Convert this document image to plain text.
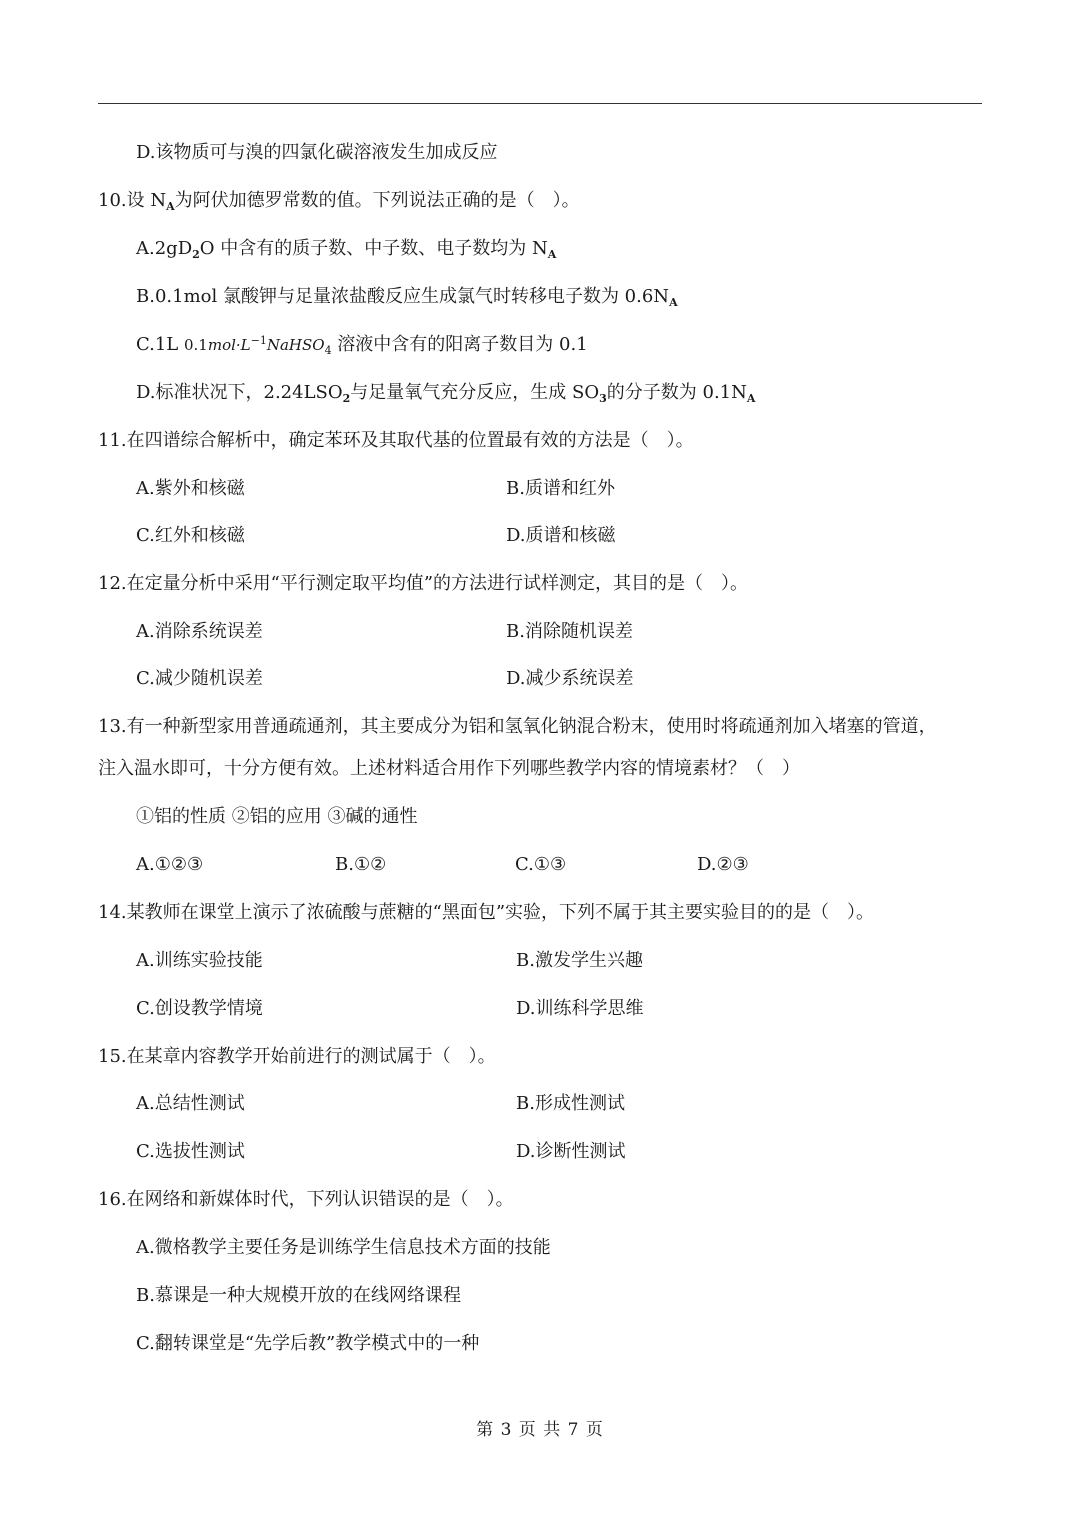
D.该物质可与溴的四氯化碳溶液发生加成反应
10.设 $N_A$为阿伏加德罗常数的值。下列说法正确的是（　）。
$A.2gD_2O$ 中含有的质子数、中子数、电子数均为 $N_A$
B.0.1mol 氯酸钾与足量浓盐酸反应生成氯气时转移电子数为 $0.6N_A$
C.1L $0.1mol\cdot L^{-1}NaHSO_4$ 溶液中含有的阳离子数目为 0.1
D.标准状况下，$2.24LSO_2$与足量氧气充分反应，生成 $SO_3$的分子数为 $0.1N_A$
11.在四谱综合解析中，确定苯环及其取代基的位置最有效的方法是（　）。
A.紫外和核磁	B.质谱和红外
C.红外和核磁	D.质谱和核磁
12.在定量分析中采用“平行测定取平均值”的方法进行试样测定，其目的是（　）。
A.消除系统误差	B.消除随机误差
C.减少随机误差	D.减少系统误差
13.有一种新型家用普通疏通剂，其主要成分为铝和氢氧化钠混合粉末，使用时将疏通剂加入堵塞的管道，
注入温水即可，十分方便有效。上述材料适合用作下列哪些教学内容的情境素材？（　）
①铝的性质 ②铝的应用 ③碱的通性
A.①②③	B.①②	C.①③	D.②③
14.某教师在课堂上演示了浓硫酸与蔗糖的“黑面包”实验，下列不属于其主要实验目的的是（　）。
A.训练实验技能	B.激发学生兴趣
C.创设教学情境	D.训练科学思维
15.在某章内容教学开始前进行的测试属于（　）。
A.总结性测试	B.形成性测试
C.选拔性测试	D.诊断性测试
16.在网络和新媒体时代，下列认识错误的是（　）。
A.微格教学主要任务是训练学生信息技术方面的技能
B.慕课是一种大规模开放的在线网络课程
C.翻转课堂是“先学后教”教学模式中的一种
第 3 页 共 7 页
